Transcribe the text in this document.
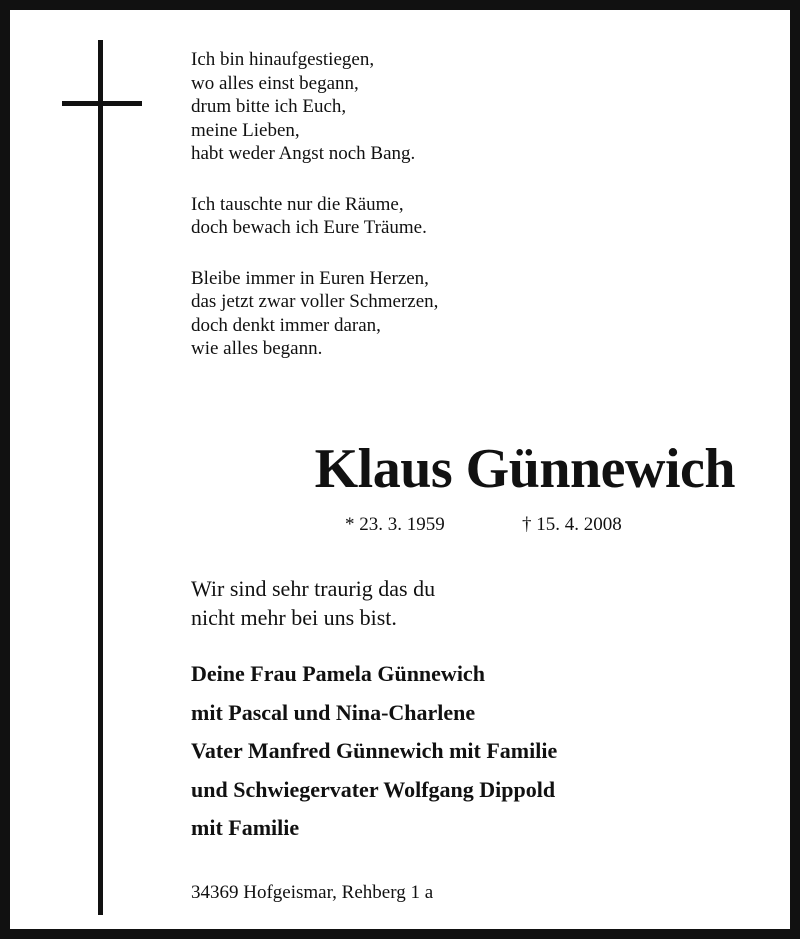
Ich bin hinaufgestiegen,
wo alles einst begann,
drum bitte ich Euch,
meine Lieben,
habt weder Angst noch Bang.
Ich tauschte nur die Räume,
doch bewach ich Eure Träume.
Bleibe immer in Euren Herzen,
das jetzt zwar voller Schmerzen,
doch denkt immer daran,
wie alles begann.
Klaus Günnewich
* 23. 3. 1959	† 15. 4. 2008
Wir sind sehr traurig das du
nicht mehr bei uns bist.
Deine Frau Pamela Günnewich
mit Pascal und Nina-Charlene
Vater Manfred Günnewich mit Familie
und Schwiegervater Wolfgang Dippold
mit Familie
34369 Hofgeismar, Rehberg 1 a
